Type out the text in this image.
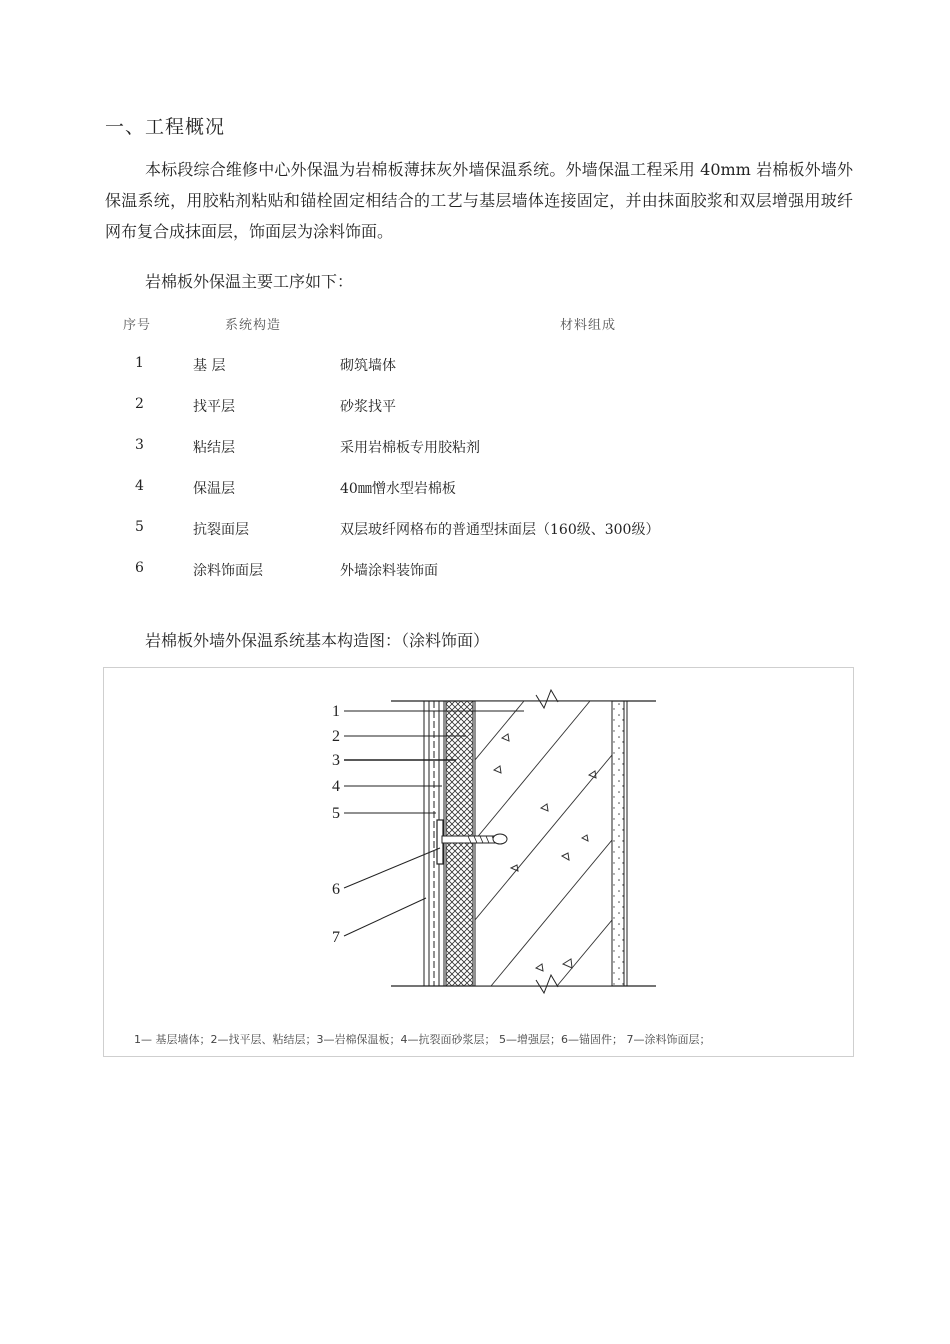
一、工程概况
本标段综合维修中心外保温为岩棉板薄抹灰外墙保温系统。外墙保温工程采用 40mm 岩棉板外墙外保温系统，用胶粘剂粘贴和锚栓固定相结合的工艺与基层墙体连接固定，并由抹面胶浆和双层增强用玻纤网布复合成抹面层，饰面层为涂料饰面。
岩棉板外保温主要工序如下：
序号	系统构造	材料组成
1	基 层	砌筑墙体
2	找平层	砂浆找平
3	粘结层	采用岩棉板专用胶粘剂
4	保温层	40㎜憎水型岩棉板
5	抗裂面层	双层玻纤网格布的普通型抹面层（160级、300级）
6	涂料饰面层	外墙涂料装饰面
岩棉板外墙外保温系统基本构造图：（涂料饰面）
1
2
3
4
5
6
7
1— 基层墙体；2—找平层、粘结层；3—岩棉保温板；4—抗裂面砂浆层； 5—增强层；6—锚固件； 7—涂料饰面层；
